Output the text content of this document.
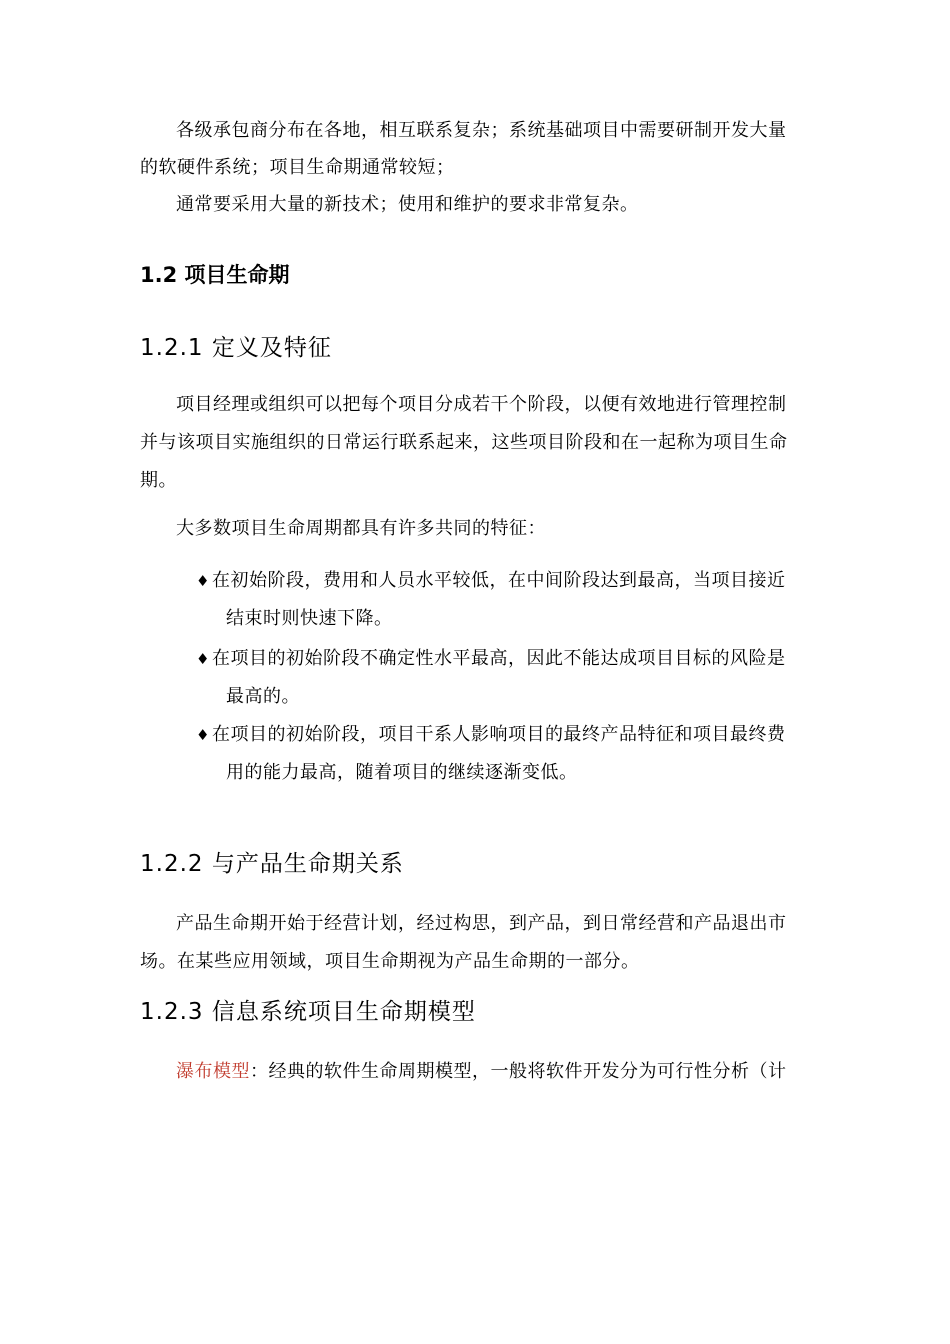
各级承包商分布在各地，相互联系复杂；系统基础项目中需要研制开发大量
的软硬件系统；项目生命期通常较短；
通常要采用大量的新技术；使用和维护的要求非常复杂。
1.2 项目生命期
1.2.1 定义及特征
项目经理或组织可以把每个项目分成若干个阶段，以便有效地进行管理控制
并与该项目实施组织的日常运行联系起来，这些项目阶段和在一起称为项目生命
期。
大多数项目生命周期都具有许多共同的特征：
♦ 在初始阶段，费用和人员水平较低，在中间阶段达到最高，当项目接近
结束时则快速下降。
♦ 在项目的初始阶段不确定性水平最高，因此不能达成项目目标的风险是
最高的。
♦ 在项目的初始阶段，项目干系人影响项目的最终产品特征和项目最终费
用的能力最高，随着项目的继续逐渐变低。
1.2.2 与产品生命期关系
产品生命期开始于经营计划，经过构思，到产品，到日常经营和产品退出市
场。在某些应用领域，项目生命期视为产品生命期的一部分。
1.2.3 信息系统项目生命期模型
瀑布模型：经典的软件生命周期模型，一般将软件开发分为可行性分析（计
